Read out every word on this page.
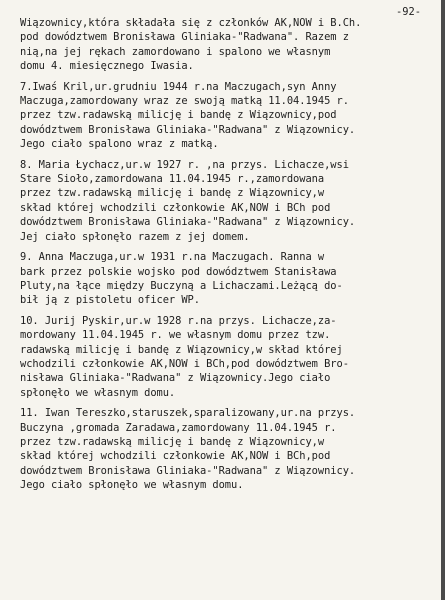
-92-

Wiązownicy,która składała się z członków AK,NOW i B.Ch.
pod dowództwem Bronisława Gliniaka-"Radwana". Razem z
nią,na jej rękach zamordowano i spalono we własnym
domu 4. miesięcznego Iwasia.
7.Iwaś Kril,ur.grudniu 1944 r.na Maczugach,syn Anny
Maczuga,zamordowany wraz ze swoją matką 11.04.1945 r.
przez tzw.radawską milicję i bandę z Wiązownicy,pod
dowództwem Bronisława Gliniaka-"Radwana" z Wiązownicy.
Jego ciało spalono wraz z matką.
8. Maria Łychacz,ur.w 1927 r. ,na przys. Lichacze,wsi
Stare Sioło,zamordowana 11.04.1945 r.,zamordowana
przez tzw.radawską milicję i bandę z Wiązownicy,w
skład której wchodzili członkowie AK,NOW i BCh pod
dowództwem Bronisława Gliniaka-"Radwana" z Wiązownicy.
Jej ciało spłonęło razem z jej domem.
9. Anna Maczuga,ur.w 1931 r.na Maczugach. Ranna w
bark przez polskie wojsko pod dowództwem Stanisława
Pluty,na łące między Buczyną a Lichaczami.Leżącą do-
bił ją z pistoletu oficer WP.
10. Jurij Pyskir,ur.w 1928 r.na przys. Lichacze,za-
mordowany 11.04.1945 r. we własnym domu przez tzw.
radawską milicję i bandę z Wiązownicy,w skład której
wchodzili członkowie AK,NOW i BCh,pod dowództwem Bro-
nisława Gliniaka-"Radwana" z Wiązownicy.Jego ciało
spłonęło we własnym domu.
11. Iwan Tereszko,staruszek,sparalizowany,ur.na przys.
Buczyna ,gromada Zaradawa,zamordowany 11.04.1945 r.
przez tzw.radawską milicję i bandę z Wiązownicy,w
skład której wchodzili członkowie AK,NOW i BCh,pod
dowództwem Bronisława Gliniaka-"Radwana" z Wiązownicy.
Jego ciało spłonęło we własnym domu.
